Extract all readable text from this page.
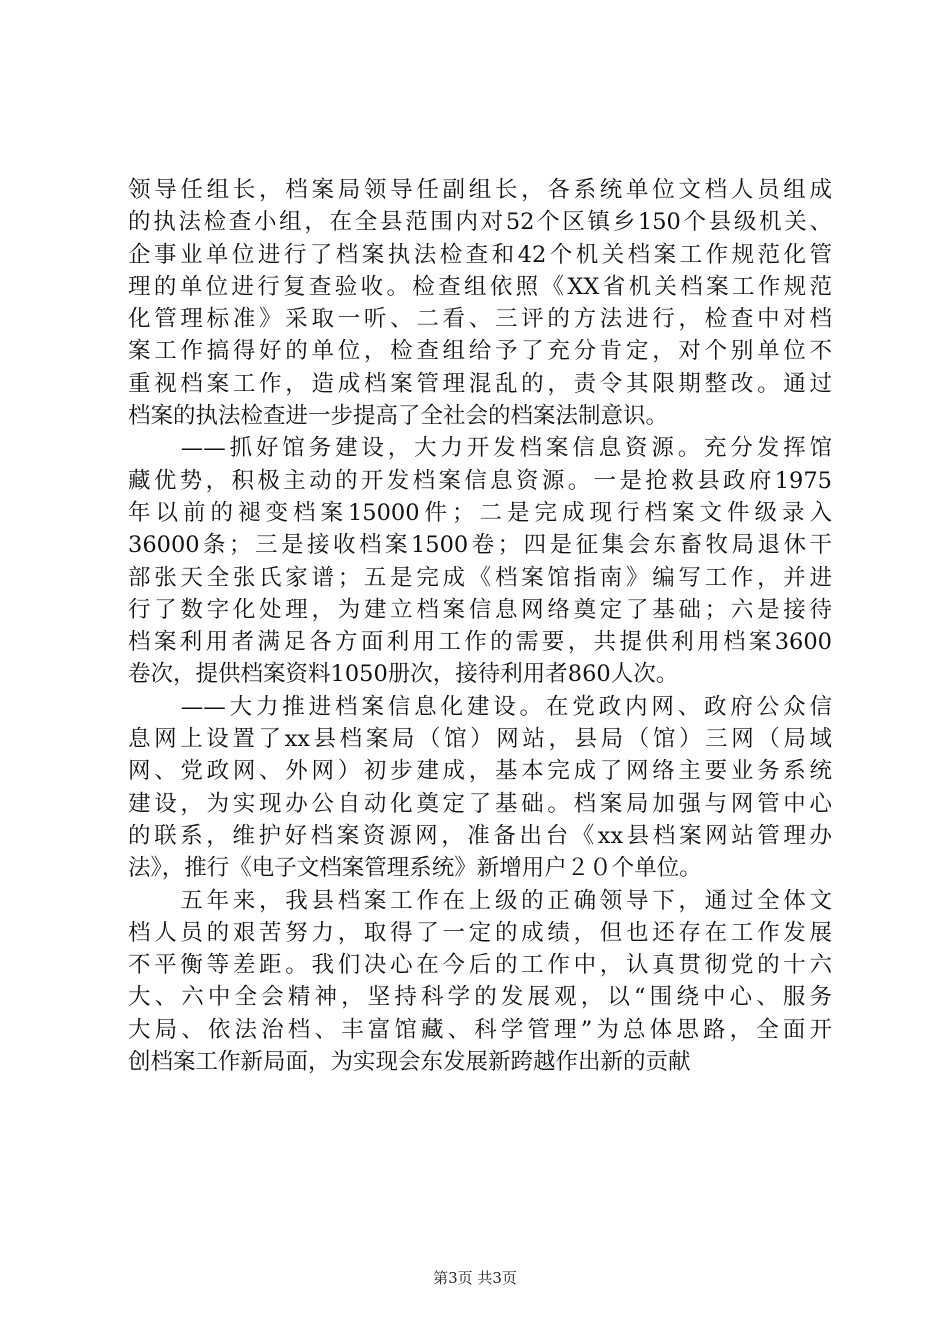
领导任组长，档案局领导任副组长，各系统单位文档人员组成
的执法检查小组，在全县范围内对52个区镇乡150个县级机关、
企事业单位进行了档案执法检查和42个机关档案工作规范化管
理的单位进行复查验收。检查组依照《XX省机关档案工作规范
化管理标准》采取一听、二看、三评的方法进行，检查中对档
案工作搞得好的单位，检查组给予了充分肯定，对个别单位不
重视档案工作，造成档案管理混乱的，责令其限期整改。通过
档案的执法检查进一步提高了全社会的档案法制意识。
　　——抓好馆务建设，大力开发档案信息资源。充分发挥馆
藏优势，积极主动的开发档案信息资源。一是抢救县政府1975
年以前的褪变档案15000件；二是完成现行档案文件级录入
36000条；三是接收档案1500卷；四是征集会东畜牧局退休干
部张天全张氏家谱；五是完成《档案馆指南》编写工作，并进
行了数字化处理，为建立档案信息网络奠定了基础；六是接待
档案利用者满足各方面利用工作的需要，共提供利用档案3600
卷次，提供档案资料1050册次，接待利用者860人次。
　　——大力推进档案信息化建设。在党政内网、政府公众信
息网上设置了xx县档案局（馆）网站，县局（馆）三网（局域
网、党政网、外网）初步建成，基本完成了网络主要业务系统
建设，为实现办公自动化奠定了基础。档案局加强与网管中心
的联系，维护好档案资源网，准备出台《xx县档案网站管理办
法》，推行《电子文档案管理系统》新增用户２０个单位。
　　五年来，我县档案工作在上级的正确领导下，通过全体文
档人员的艰苦努力，取得了一定的成绩，但也还存在工作发展
不平衡等差距。我们决心在今后的工作中，认真贯彻党的十六
大、六中全会精神，坚持科学的发展观，以“围绕中心、服务
大局、依法治档、丰富馆藏、科学管理”为总体思路，全面开
创档案工作新局面，为实现会东发展新跨越作出新的贡献
第3页 共3页
